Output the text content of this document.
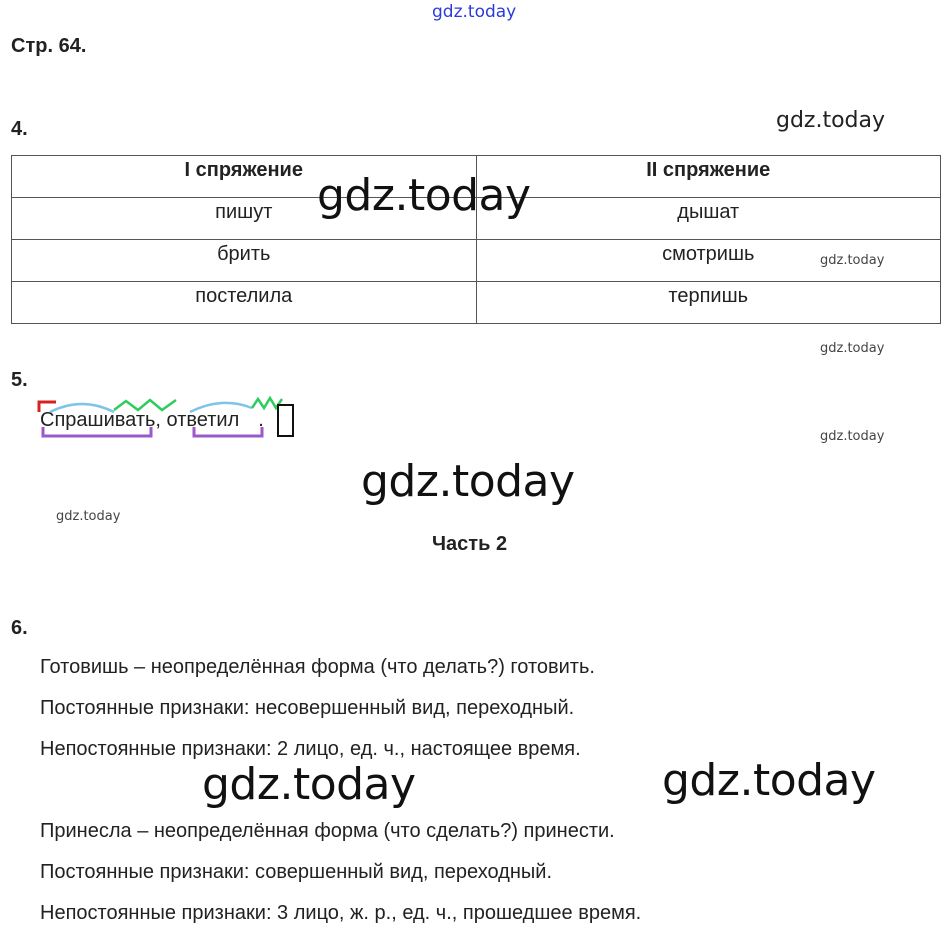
gdz.today
Стр. 64.
4.	gdz.today
I спряжение	II спряжение
пишут	дышат
брить	смотришь
постелила	терпишь
gdz.today
gdz.today
gdz.today
5.
Спрашивать, ответил .
gdz.today
gdz.today
gdz.today
Часть 2
6.
Готовишь – неопределённая форма (что делать?) готовить.
Постоянные признаки: несовершенный вид, переходный.
Непостоянные признаки: 2 лицо, ед. ч., настоящее время.
gdz.today	gdz.today
Принесла – неопределённая форма (что сделать?) принести.
Постоянные признаки: совершенный вид, переходный.
Непостоянные признаки: 3 лицо, ж. р., ед. ч., прошедшее время.
